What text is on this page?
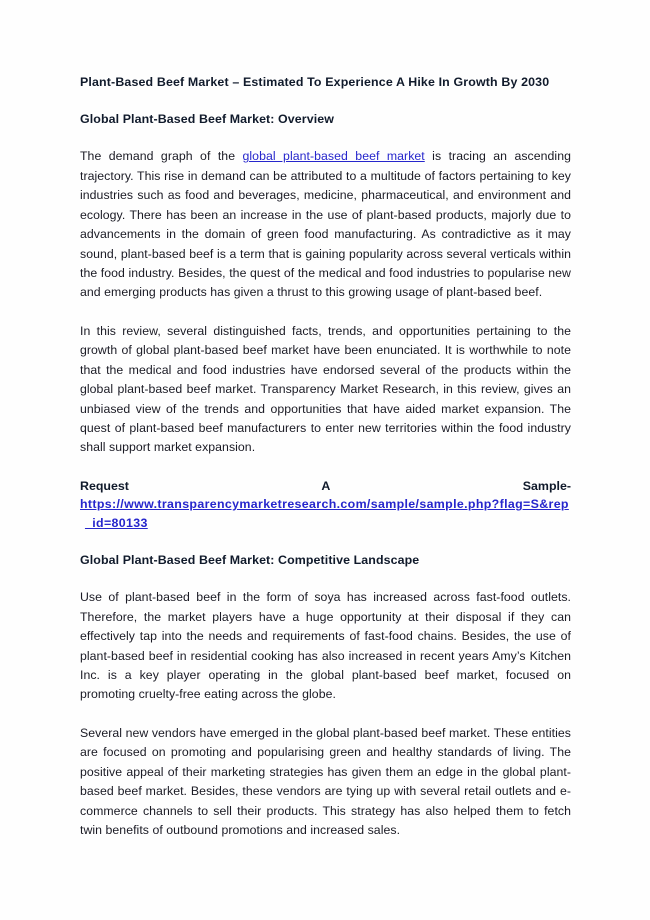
Plant-Based Beef Market – Estimated To Experience A Hike In Growth By 2030
Global Plant-Based Beef Market: Overview

The demand graph of the global plant-based beef market is tracing an ascending trajectory. This rise in demand can be attributed to a multitude of factors pertaining to key industries such as food and beverages, medicine, pharmaceutical, and environment and ecology. There has been an increase in the use of plant-based products, majorly due to advancements in the domain of green food manufacturing. As contradictive as it may sound, plant-based beef is a term that is gaining popularity across several verticals within the food industry. Besides, the quest of the medical and food industries to popularise new and emerging products has given a thrust to this growing usage of plant-based beef.

In this review, several distinguished facts, trends, and opportunities pertaining to the growth of global plant-based beef market have been enunciated. It is worthwhile to note that the medical and food industries have endorsed several of the products within the global plant-based beef market. Transparency Market Research, in this review, gives an unbiased view of the trends and opportunities that have aided market expansion. The quest of plant-based beef manufacturers to enter new territories within the food industry shall support market expansion.

Request	A	Sample-
https://www.transparencymarketresearch.com/sample/sample.php?flag=S&rep
_id=80133
Global Plant-Based Beef Market: Competitive Landscape

Use of plant-based beef in the form of soya has increased across fast-food outlets. Therefore, the market players have a huge opportunity at their disposal if they can effectively tap into the needs and requirements of fast-food chains. Besides, the use of plant-based beef in residential cooking has also increased in recent years Amy’s Kitchen Inc. is a key player operating in the global plant-based beef market, focused on promoting cruelty-free eating across the globe.

Several new vendors have emerged in the global plant-based beef market. These entities are focused on promoting and popularising green and healthy standards of living. The positive appeal of their marketing strategies has given them an edge in the global plant-based beef market. Besides, these vendors are tying up with several retail outlets and e-commerce channels to sell their products. This strategy has also helped them to fetch twin benefits of outbound promotions and increased sales.
